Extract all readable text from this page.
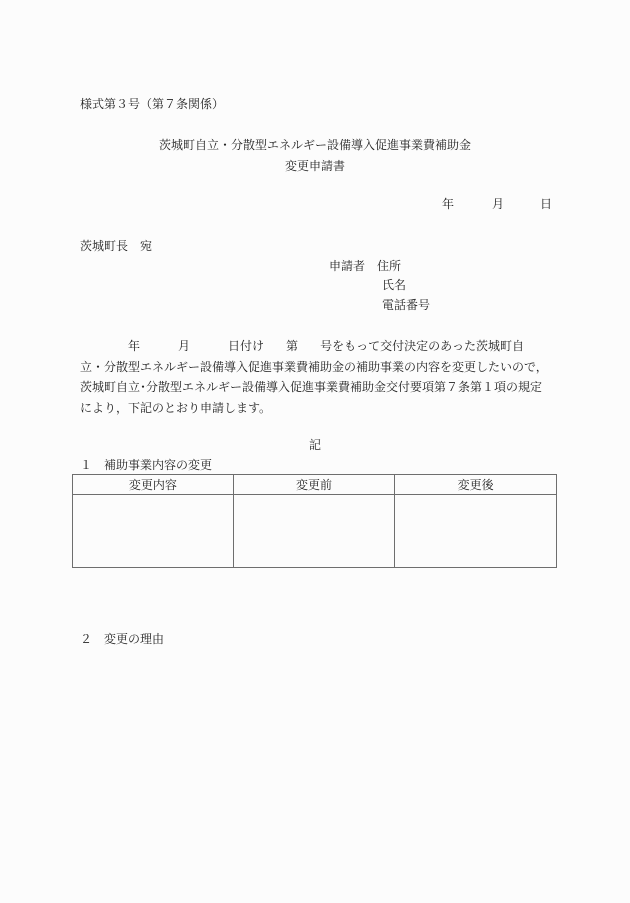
様式第３号（第７条関係）
茨城町自立・分散型エネルギー設備導入促進事業費補助金
変更申請書
年	月	日
茨城町長　宛
申請者 住所
氏名
電話番号
年	月	日付け 第 号をもって交付決定のあった茨城町自
立・分散型エネルギー設備導入促進事業費補助金の補助事業の内容を変更したいので，
茨城町自立･分散型エネルギー設備導入促進事業費補助金交付要項第７条第１項の規定
により，下記のとおり申請します。
記
１　補助事業内容の変更
変更内容	変更前	変更後

２　変更の理由
